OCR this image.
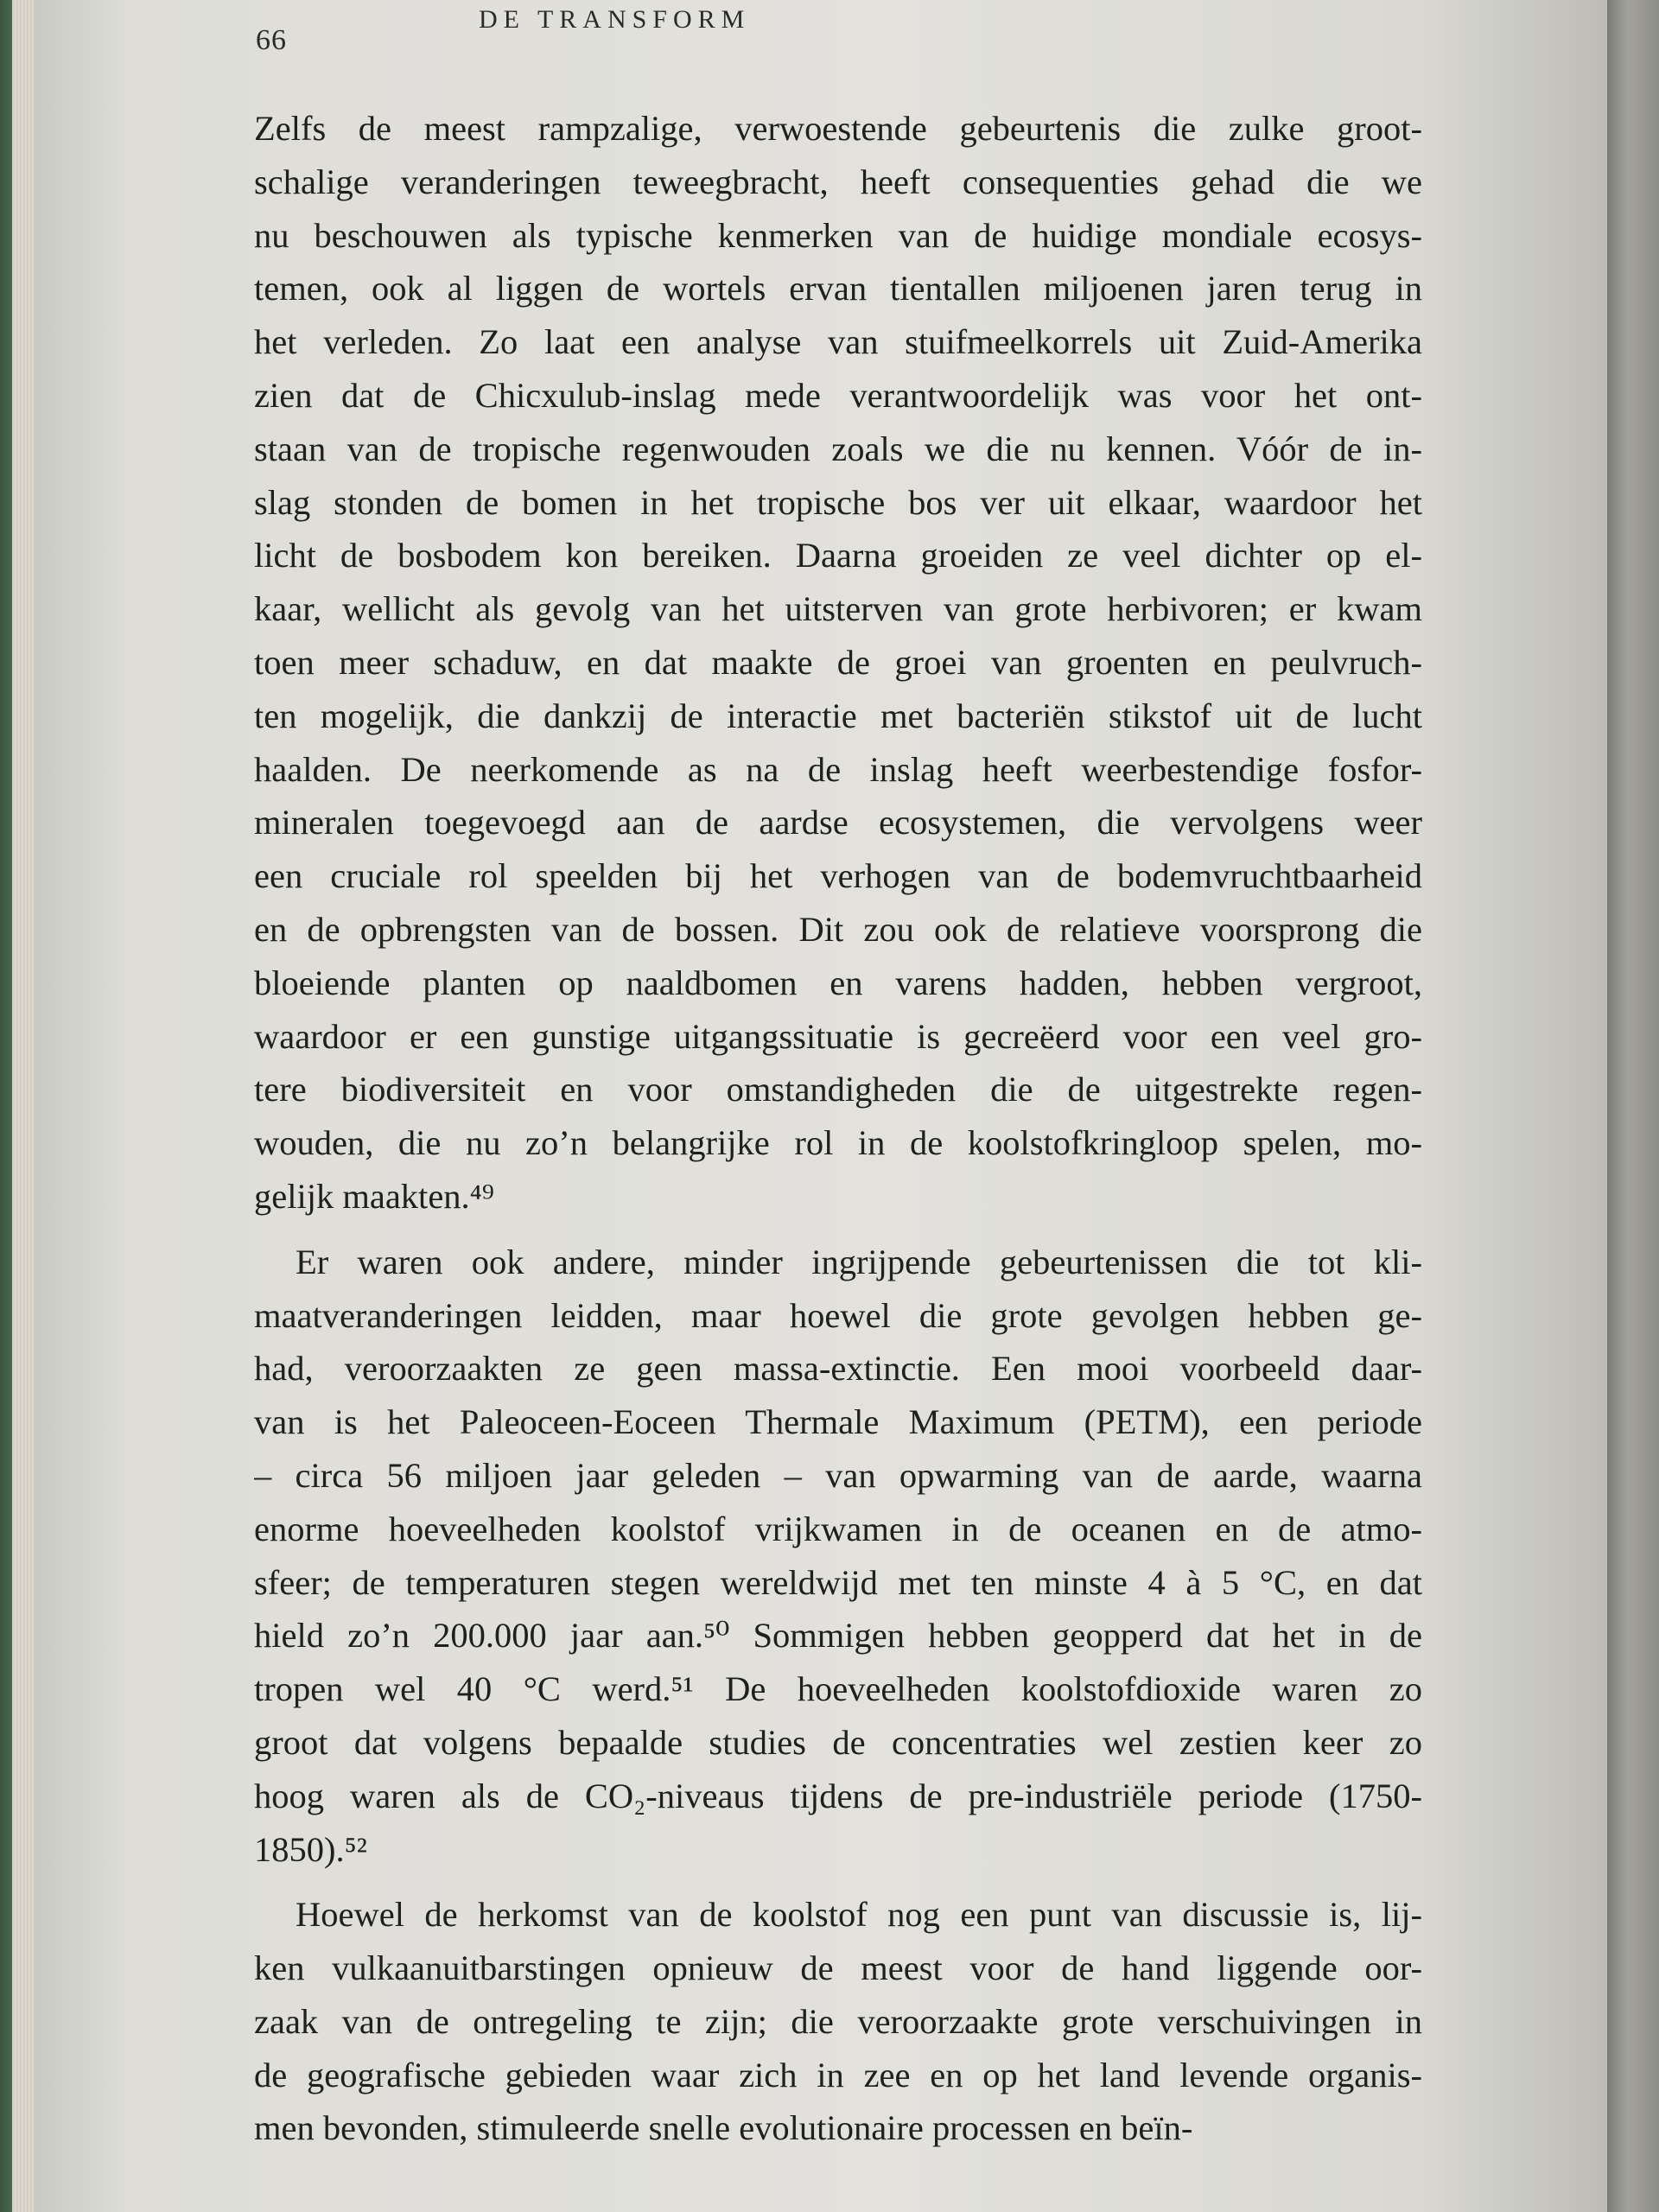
66
DE TRANSFORM
Zelfs de meest rampzalige, verwoestende gebeurtenis die zulke groot-
schalige veranderingen teweegbracht, heeft consequenties gehad die we
nu beschouwen als typische kenmerken van de huidige mondiale ecosys-
temen, ook al liggen de wortels ervan tientallen miljoenen jaren terug in
het verleden. Zo laat een analyse van stuifmeelkorrels uit Zuid-Amerika
zien dat de Chicxulub-inslag mede verantwoordelijk was voor het ont-
staan van de tropische regenwouden zoals we die nu kennen. Vóór de in-
slag stonden de bomen in het tropische bos ver uit elkaar, waardoor het
licht de bosbodem kon bereiken. Daarna groeiden ze veel dichter op el-
kaar, wellicht als gevolg van het uitsterven van grote herbivoren; er kwam
toen meer schaduw, en dat maakte de groei van groenten en peulvruch-
ten mogelijk, die dankzij de interactie met bacteriën stikstof uit de lucht
haalden. De neerkomende as na de inslag heeft weerbestendige fosfor-
mineralen toegevoegd aan de aardse ecosystemen, die vervolgens weer
een cruciale rol speelden bij het verhogen van de bodemvruchtbaarheid
en de opbrengsten van de bossen. Dit zou ook de relatieve voorsprong die
bloeiende planten op naaldbomen en varens hadden, hebben vergroot,
waardoor er een gunstige uitgangssituatie is gecreëerd voor een veel gro-
tere biodiversiteit en voor omstandigheden die de uitgestrekte regen-
wouden, die nu zo’n belangrijke rol in de koolstofkringloop spelen, mo-
gelijk maakten.⁴⁹
Er waren ook andere, minder ingrijpende gebeurtenissen die tot kli-
maatveranderingen leidden, maar hoewel die grote gevolgen hebben ge-
had, veroorzaakten ze geen massa-extinctie. Een mooi voorbeeld daar-
van is het Paleoceen-Eoceen Thermale Maximum (PETM), een periode
– circa 56 miljoen jaar geleden – van opwarming van de aarde, waarna
enorme hoeveelheden koolstof vrijkwamen in de oceanen en de atmo-
sfeer; de temperaturen stegen wereldwijd met ten minste 4 à 5 °C, en dat
hield zo’n 200.000 jaar aan.⁵⁰ Sommigen hebben geopperd dat het in de
tropen wel 40 °C werd.⁵¹ De hoeveelheden koolstofdioxide waren zo
groot dat volgens bepaalde studies de concentraties wel zestien keer zo
hoog waren als de CO₂-niveaus tijdens de pre-industriële periode (1750-
1850).⁵²
Hoewel de herkomst van de koolstof nog een punt van discussie is, lij-
ken vulkaanuitbarstingen opnieuw de meest voor de hand liggende oor-
zaak van de ontregeling te zijn; die veroorzaakte grote verschuivingen in
de geografische gebieden waar zich in zee en op het land levende organis-
men bevonden, stimuleerde snelle evolutionaire processen en beïn-
